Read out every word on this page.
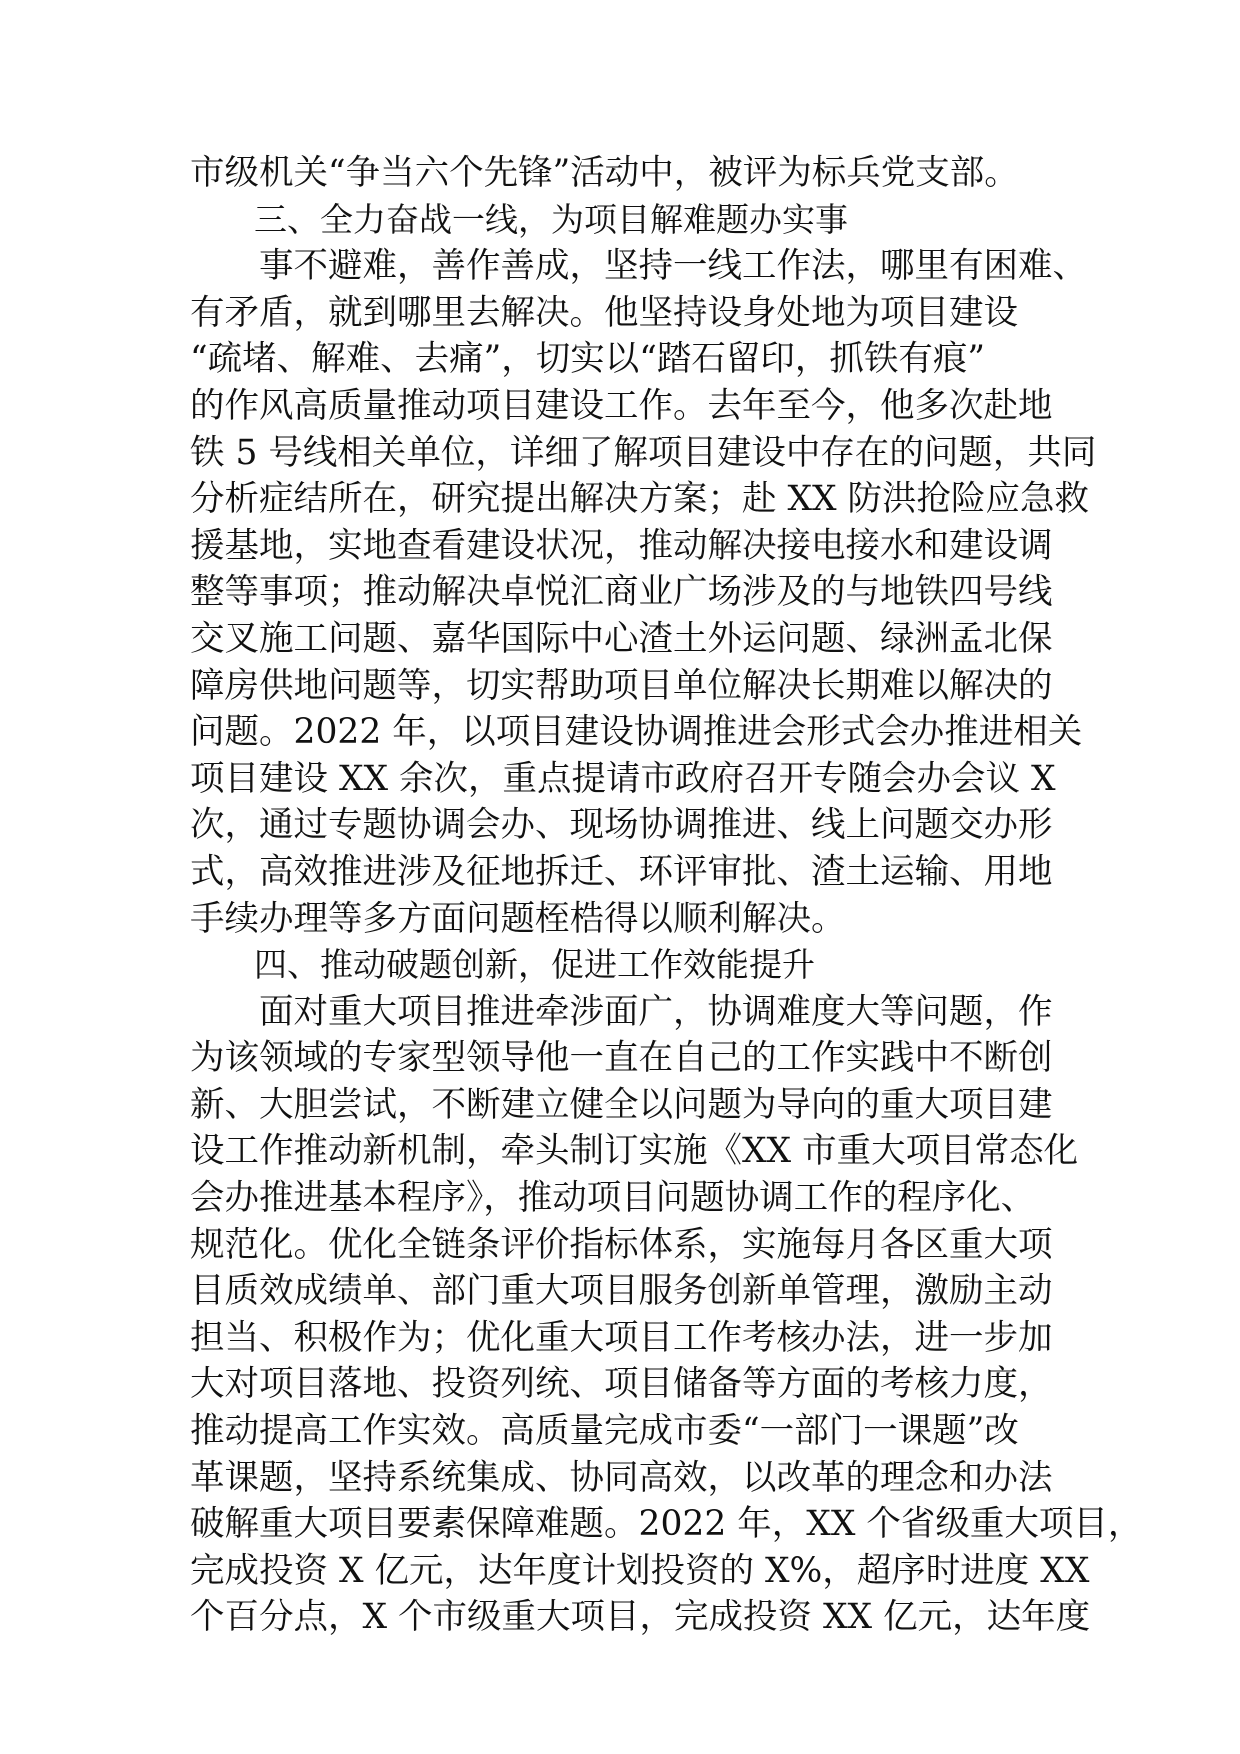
市级机关“争当六个先锋”活动中，被评为标兵党支部。

三、全力奋战一线，为项目解难题办实事

　　事不避难，善作善成，坚持一线工作法，哪里有困难、

有矛盾，就到哪里去解决。他坚持设身处地为项目建设

“疏堵、解难、去痛”，切实以“踏石留印，抓铁有痕”

的作风高质量推动项目建设工作。去年至今，他多次赴地

铁 5 号线相关单位，详细了解项目建设中存在的问题，共同

分析症结所在，研究提出解决方案；赴 XX 防洪抢险应急救

援基地，实地查看建设状况，推动解决接电接水和建设调

整等事项；推动解决卓悦汇商业广场涉及的与地铁四号线

交叉施工问题、嘉华国际中心渣土外运问题、绿洲孟北保

障房供地问题等，切实帮助项目单位解决长期难以解决的

问题。2022 年，以项目建设协调推进会形式会办推进相关

项目建设 XX 余次，重点提请市政府召开专随会办会议 X

次，通过专题协调会办、现场协调推进、线上问题交办形

式，高效推进涉及征地拆迁、环评审批、渣土运输、用地

手续办理等多方面问题桎梏得以顺利解决。

四、推动破题创新，促进工作效能提升

　　面对重大项目推进牵涉面广，协调难度大等问题，作

为该领域的专家型领导他一直在自己的工作实践中不断创

新、大胆尝试，不断建立健全以问题为导向的重大项目建

设工作推动新机制，牵头制订实施《XX 市重大项目常态化

会办推进基本程序》，推动项目问题协调工作的程序化、

规范化。优化全链条评价指标体系，实施每月各区重大项

目质效成绩单、部门重大项目服务创新单管理，激励主动

担当、积极作为；优化重大项目工作考核办法，进一步加

大对项目落地、投资列统、项目储备等方面的考核力度，

推动提高工作实效。高质量完成市委“一部门一课题”改

革课题，坚持系统集成、协同高效，以改革的理念和办法

破解重大项目要素保障难题。2022 年，XX 个省级重大项目，

完成投资 X 亿元，达年度计划投资的 X%，超序时进度 XX

个百分点，X 个市级重大项目，完成投资 XX 亿元，达年度
